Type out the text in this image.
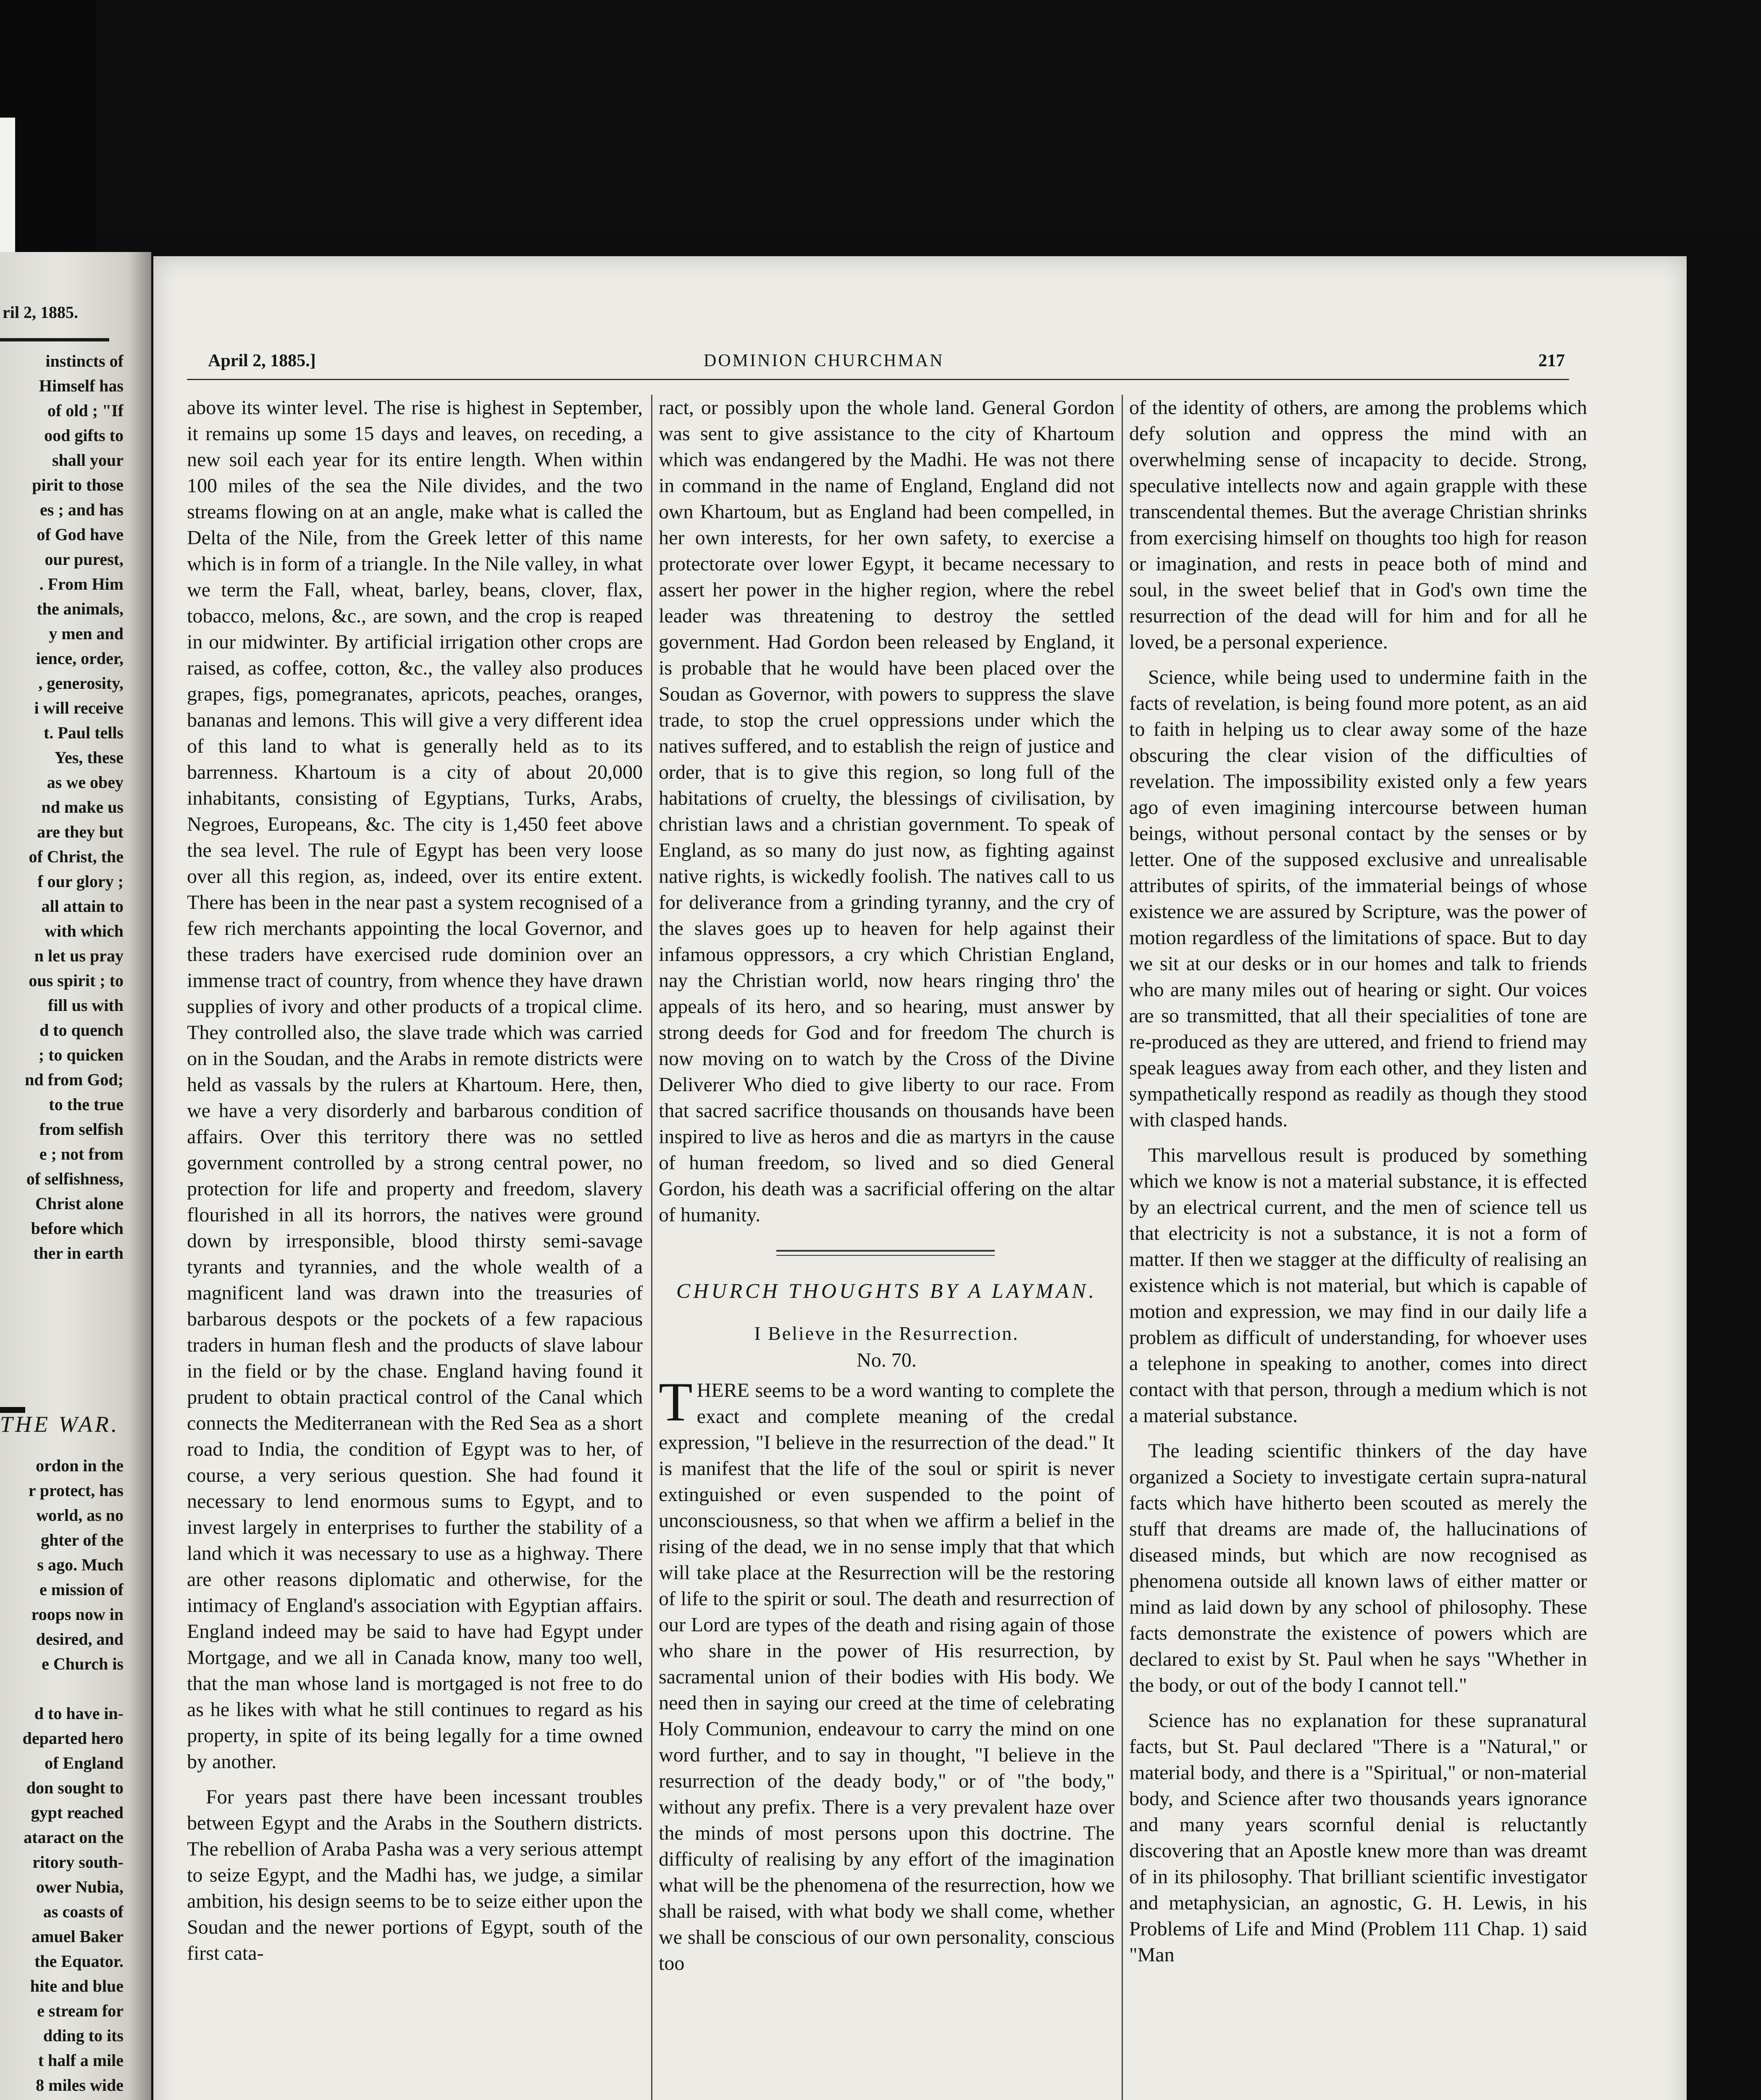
ril 2, 1885.
instincts of
Himself has
of old ; "If
ood gifts to
shall your
pirit to those
es ; and has
of God have
our purest,
. From Him
the animals,
y men and
ience, order,
, generosity,
i will receive
t. Paul tells
Yes, these
as we obey
nd make us
are they but
of Christ, the
f our glory ;
all attain to
with which
n let us pray
ous spirit ; to
fill us with
d to quench
; to quicken
nd from God;
to the true
from selfish
e ; not from
of selfishness,
Christ alone
before which
ther in earth
THE WAR.
ordon in the
r protect, has
world, as no
ghter of the
s ago. Much
e mission of
roops now in
desired, and
e Church is
d to have in-
departed hero
of England
don sought to
gypt reached
ataract on the
ritory south-
ower Nubia,
as coasts of
amuel Baker
the Equator.
hite and blue
e stream for
dding to its
t half a mile
8 miles wide
April 2, 1885.]	DOMINION CHURCHMAN	217

above its winter level. The rise is highest in September, it remains up some 15 days and leaves, on receding, a new soil each year for its entire length. When within 100 miles of the sea the Nile divides, and the two streams flowing on at an angle, make what is called the Delta of the Nile, from the Greek letter of this name which is in form of a triangle. In the Nile valley, in what we term the Fall, wheat, barley, beans, clover, flax, tobacco, melons, &c., are sown, and the crop is reaped in our midwinter. By artificial irrigation other crops are raised, as coffee, cotton, &c., the valley also produces grapes, figs, pomegranates, apricots, peaches, oranges, bananas and lemons. This will give a very different idea of this land to what is generally held as to its barrenness. Khartoum is a city of about 20,000 inhabitants, consisting of Egyptians, Turks, Arabs, Negroes, Europeans, &c. The city is 1,450 feet above the sea level. The rule of Egypt has been very loose over all this region, as, indeed, over its entire extent. There has been in the near past a system recognised of a few rich merchants appointing the local Governor, and these traders have exercised rude dominion over an immense tract of country, from whence they have drawn supplies of ivory and other products of a tropical clime. They controlled also, the slave trade which was carried on in the Soudan, and the Arabs in remote districts were held as vassals by the rulers at Khartoum. Here, then, we have a very disorderly and barbarous condition of affairs. Over this territory there was no settled government controlled by a strong central power, no protection for life and property and freedom, slavery flourished in all its horrors, the natives were ground down by irresponsible, blood thirsty semi-savage tyrants and tyrannies, and the whole wealth of a magnificent land was drawn into the treasuries of barbarous despots or the pockets of a few rapacious traders in human flesh and the products of slave labour in the field or by the chase. England having found it prudent to obtain practical control of the Canal which connects the Mediterranean with the Red Sea as a short road to India, the condition of Egypt was to her, of course, a very serious question. She had found it necessary to lend enormous sums to Egypt, and to invest largely in enterprises to further the stability of a land which it was necessary to use as a highway. There are other reasons diplomatic and otherwise, for the intimacy of England's association with Egyptian affairs. England indeed may be said to have had Egypt under Mortgage, and we all in Canada know, many too well, that the man whose land is mortgaged is not free to do as he likes with what he still continues to regard as his property, in spite of its being legally for a time owned by another.

For years past there have been incessant troubles between Egypt and the Arabs in the Southern districts. The rebellion of Araba Pasha was a very serious attempt to seize Egypt, and the Madhi has, we judge, a similar ambition, his design seems to be to seize either upon the Soudan and the newer portions of Egypt, south of the first cata-

ract, or possibly upon the whole land. General Gordon was sent to give assistance to the city of Khartoum which was endangered by the Madhi. He was not there in command in the name of England, England did not own Khartoum, but as England had been compelled, in her own interests, for her own safety, to exercise a protectorate over lower Egypt, it became necessary to assert her power in the higher region, where the rebel leader was threatening to destroy the settled government. Had Gordon been released by England, it is probable that he would have been placed over the Soudan as Governor, with powers to suppress the slave trade, to stop the cruel oppressions under which the natives suffered, and to establish the reign of justice and order, that is to give this region, so long full of the habitations of cruelty, the blessings of civilisation, by christian laws and a christian government. To speak of England, as so many do just now, as fighting against native rights, is wickedly foolish. The natives call to us for deliverance from a grinding tyranny, and the cry of the slaves goes up to heaven for help against their infamous oppressors, a cry which Christian England, nay the Christian world, now hears ringing thro' the appeals of its hero, and so hearing, must answer by strong deeds for God and for freedom The church is now moving on to watch by the Cross of the Divine Deliverer Who died to give liberty to our race. From that sacred sacrifice thousands on thousands have been inspired to live as heros and die as martyrs in the cause of human freedom, so lived and so died General Gordon, his death was a sacrificial offering on the altar of humanity.

CHURCH THOUGHTS BY A LAYMAN.
I Believe in the Resurrection.
No. 70.

THERE seems to be a word wanting to complete the exact and complete meaning of the credal expression, "I believe in the resurrection of the dead." It is manifest that the life of the soul or spirit is never extinguished or even suspended to the point of unconsciousness, so that when we affirm a belief in the rising of the dead, we in no sense imply that that which will take place at the Resurrection will be the restoring of life to the spirit or soul. The death and resurrection of our Lord are types of the death and rising again of those who share in the power of His resurrection, by sacramental union of their bodies with His body. We need then in saying our creed at the time of celebrating Holy Communion, endeavour to carry the mind on one word further, and to say in thought, "I believe in the resurrection of the deady body," or of "the body," without any prefix. There is a very prevalent haze over the minds of most persons upon this doctrine. The difficulty of realising by any effort of the imagination what will be the phenomena of the resurrection, how we shall be raised, with what body we shall come, whether we shall be conscious of our own personality, conscious too

of the identity of others, are among the problems which defy solution and oppress the mind with an overwhelming sense of incapacity to decide. Strong, speculative intellects now and again grapple with these transcendental themes. But the average Christian shrinks from exercising himself on thoughts too high for reason or imagination, and rests in peace both of mind and soul, in the sweet belief that in God's own time the resurrection of the dead will for him and for all he loved, be a personal experience.

Science, while being used to undermine faith in the facts of revelation, is being found more potent, as an aid to faith in helping us to clear away some of the haze obscuring the clear vision of the difficulties of revelation. The impossibility existed only a few years ago of even imagining intercourse between human beings, without personal contact by the senses or by letter. One of the supposed exclusive and unrealisable attributes of spirits, of the immaterial beings of whose existence we are assured by Scripture, was the power of motion regardless of the limitations of space. But to day we sit at our desks or in our homes and talk to friends who are many miles out of hearing or sight. Our voices are so transmitted, that all their specialities of tone are re-produced as they are uttered, and friend to friend may speak leagues away from each other, and they listen and sympathetically respond as readily as though they stood with clasped hands.

This marvellous result is produced by something which we know is not a material substance, it is effected by an electrical current, and the men of science tell us that electricity is not a substance, it is not a form of matter. If then we stagger at the difficulty of realising an existence which is not material, but which is capable of motion and expression, we may find in our daily life a problem as difficult of understanding, for whoever uses a telephone in speaking to another, comes into direct contact with that person, through a medium which is not a material substance.

The leading scientific thinkers of the day have organized a Society to investigate certain supra-natural facts which have hitherto been scouted as merely the stuff that dreams are made of, the hallucinations of diseased minds, but which are now recognised as phenomena outside all known laws of either matter or mind as laid down by any school of philosophy. These facts demonstrate the existence of powers which are declared to exist by St. Paul when he says "Whether in the body, or out of the body I cannot tell."

Science has no explanation for these supranatural facts, but St. Paul declared "There is a "Natural," or material body, and there is a "Spiritual," or non-material body, and Science after two thousands years ignorance and many years scornful denial is reluctantly discovering that an Apostle knew more than was dreamt of in its philosophy. That brilliant scientific investigator and metaphysician, an agnostic, G. H. Lewis, in his Problems of Life and Mind (Problem 111 Chap. 1) said "Man
